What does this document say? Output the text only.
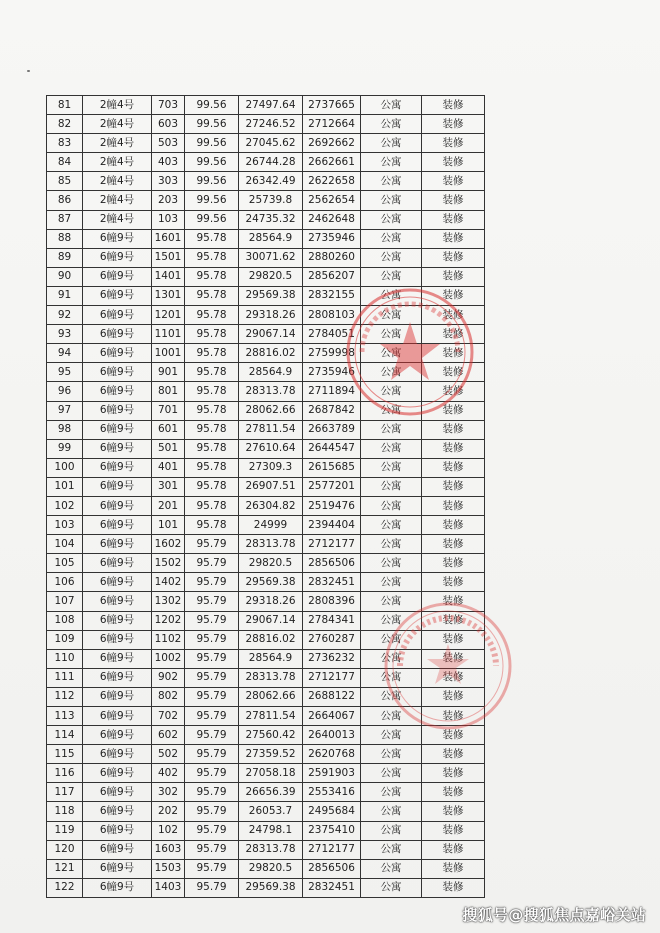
81	2幢4号	703	99.56	27497.64	2737665	公寓	装修
82	2幢4号	603	99.56	27246.52	2712664	公寓	装修
83	2幢4号	503	99.56	27045.62	2692662	公寓	装修
84	2幢4号	403	99.56	26744.28	2662661	公寓	装修
85	2幢4号	303	99.56	26342.49	2622658	公寓	装修
86	2幢4号	203	99.56	25739.8	2562654	公寓	装修
87	2幢4号	103	99.56	24735.32	2462648	公寓	装修
88	6幢9号	1601	95.78	28564.9	2735946	公寓	装修
89	6幢9号	1501	95.78	30071.62	2880260	公寓	装修
90	6幢9号	1401	95.78	29820.5	2856207	公寓	装修
91	6幢9号	1301	95.78	29569.38	2832155	公寓	装修
92	6幢9号	1201	95.78	29318.26	2808103	公寓	装修
93	6幢9号	1101	95.78	29067.14	2784051	公寓	装修
94	6幢9号	1001	95.78	28816.02	2759998	公寓	装修
95	6幢9号	901	95.78	28564.9	2735946	公寓	装修
96	6幢9号	801	95.78	28313.78	2711894	公寓	装修
97	6幢9号	701	95.78	28062.66	2687842	公寓	装修
98	6幢9号	601	95.78	27811.54	2663789	公寓	装修
99	6幢9号	501	95.78	27610.64	2644547	公寓	装修
100	6幢9号	401	95.78	27309.3	2615685	公寓	装修
101	6幢9号	301	95.78	26907.51	2577201	公寓	装修
102	6幢9号	201	95.78	26304.82	2519476	公寓	装修
103	6幢9号	101	95.78	24999	2394404	公寓	装修
104	6幢9号	1602	95.79	28313.78	2712177	公寓	装修
105	6幢9号	1502	95.79	29820.5	2856506	公寓	装修
106	6幢9号	1402	95.79	29569.38	2832451	公寓	装修
107	6幢9号	1302	95.79	29318.26	2808396	公寓	装修
108	6幢9号	1202	95.79	29067.14	2784341	公寓	装修
109	6幢9号	1102	95.79	28816.02	2760287	公寓	装修
110	6幢9号	1002	95.79	28564.9	2736232	公寓	装修
111	6幢9号	902	95.79	28313.78	2712177	公寓	装修
112	6幢9号	802	95.79	28062.66	2688122	公寓	装修
113	6幢9号	702	95.79	27811.54	2664067	公寓	装修
114	6幢9号	602	95.79	27560.42	2640013	公寓	装修
115	6幢9号	502	95.79	27359.52	2620768	公寓	装修
116	6幢9号	402	95.79	27058.18	2591903	公寓	装修
117	6幢9号	302	95.79	26656.39	2553416	公寓	装修
118	6幢9号	202	95.79	26053.7	2495684	公寓	装修
119	6幢9号	102	95.79	24798.1	2375410	公寓	装修
120	6幢9号	1603	95.79	28313.78	2712177	公寓	装修
121	6幢9号	1503	95.79	29820.5	2856506	公寓	装修
122	6幢9号	1403	95.79	29569.38	2832451	公寓	装修
搜狐号@搜狐焦点嘉峪关站
